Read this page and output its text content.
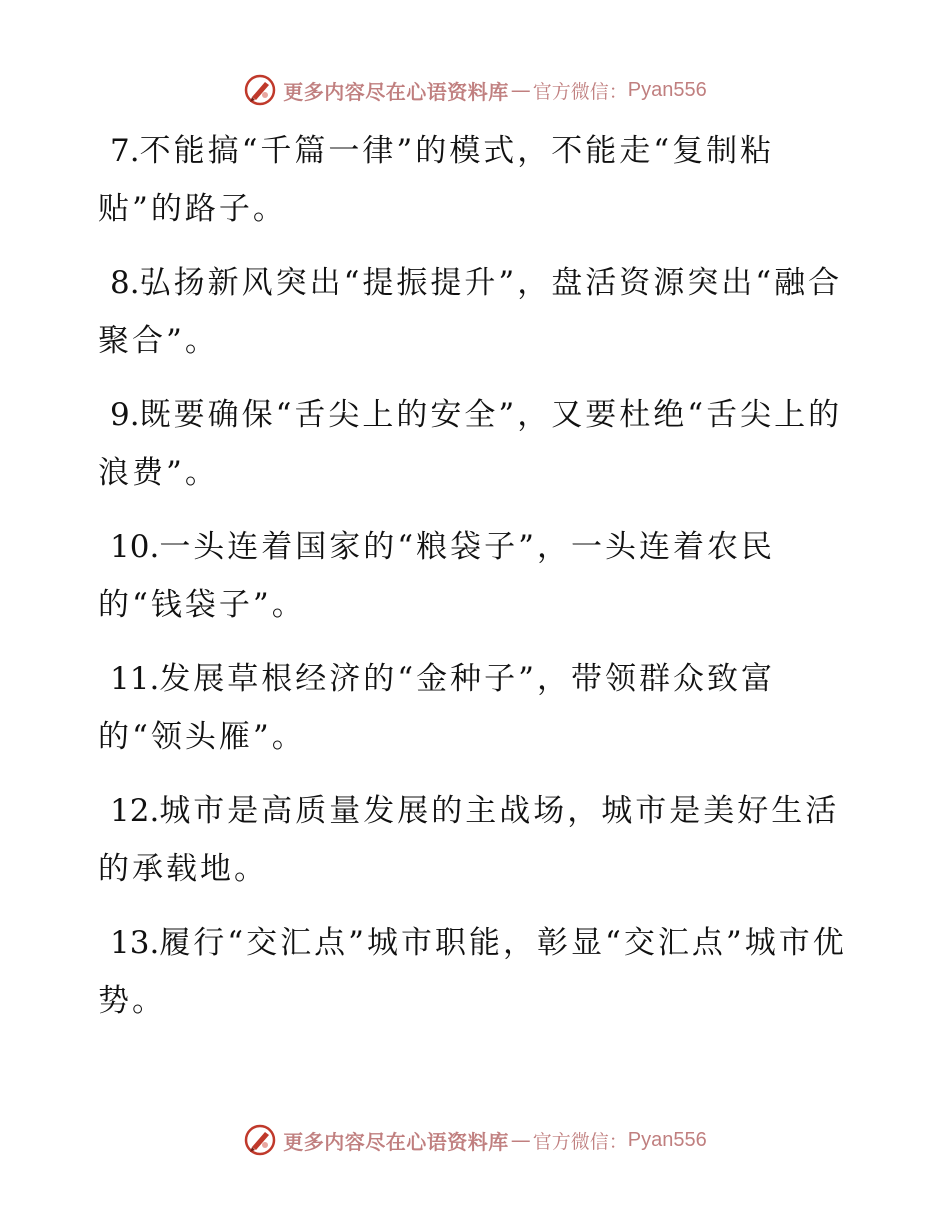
更多内容尽在心语资料库 — 官方微信： Pyan556

7.不能搞“千篇一律”的模式，不能走“复制粘贴”的路子。

8.弘扬新风突出“提振提升”，盘活资源突出“融合聚合”。

9.既要确保“舌尖上的安全”，又要杜绝“舌尖上的浪费”。

10.一头连着国家的“粮袋子”，一头连着农民的“钱袋子”。

11.发展草根经济的“金种子”，带领群众致富的“领头雁”。

12.城市是高质量发展的主战场，城市是美好生活的承载地。

13.履行“交汇点”城市职能，彰显“交汇点”城市优势。

更多内容尽在心语资料库 — 官方微信： Pyan556
